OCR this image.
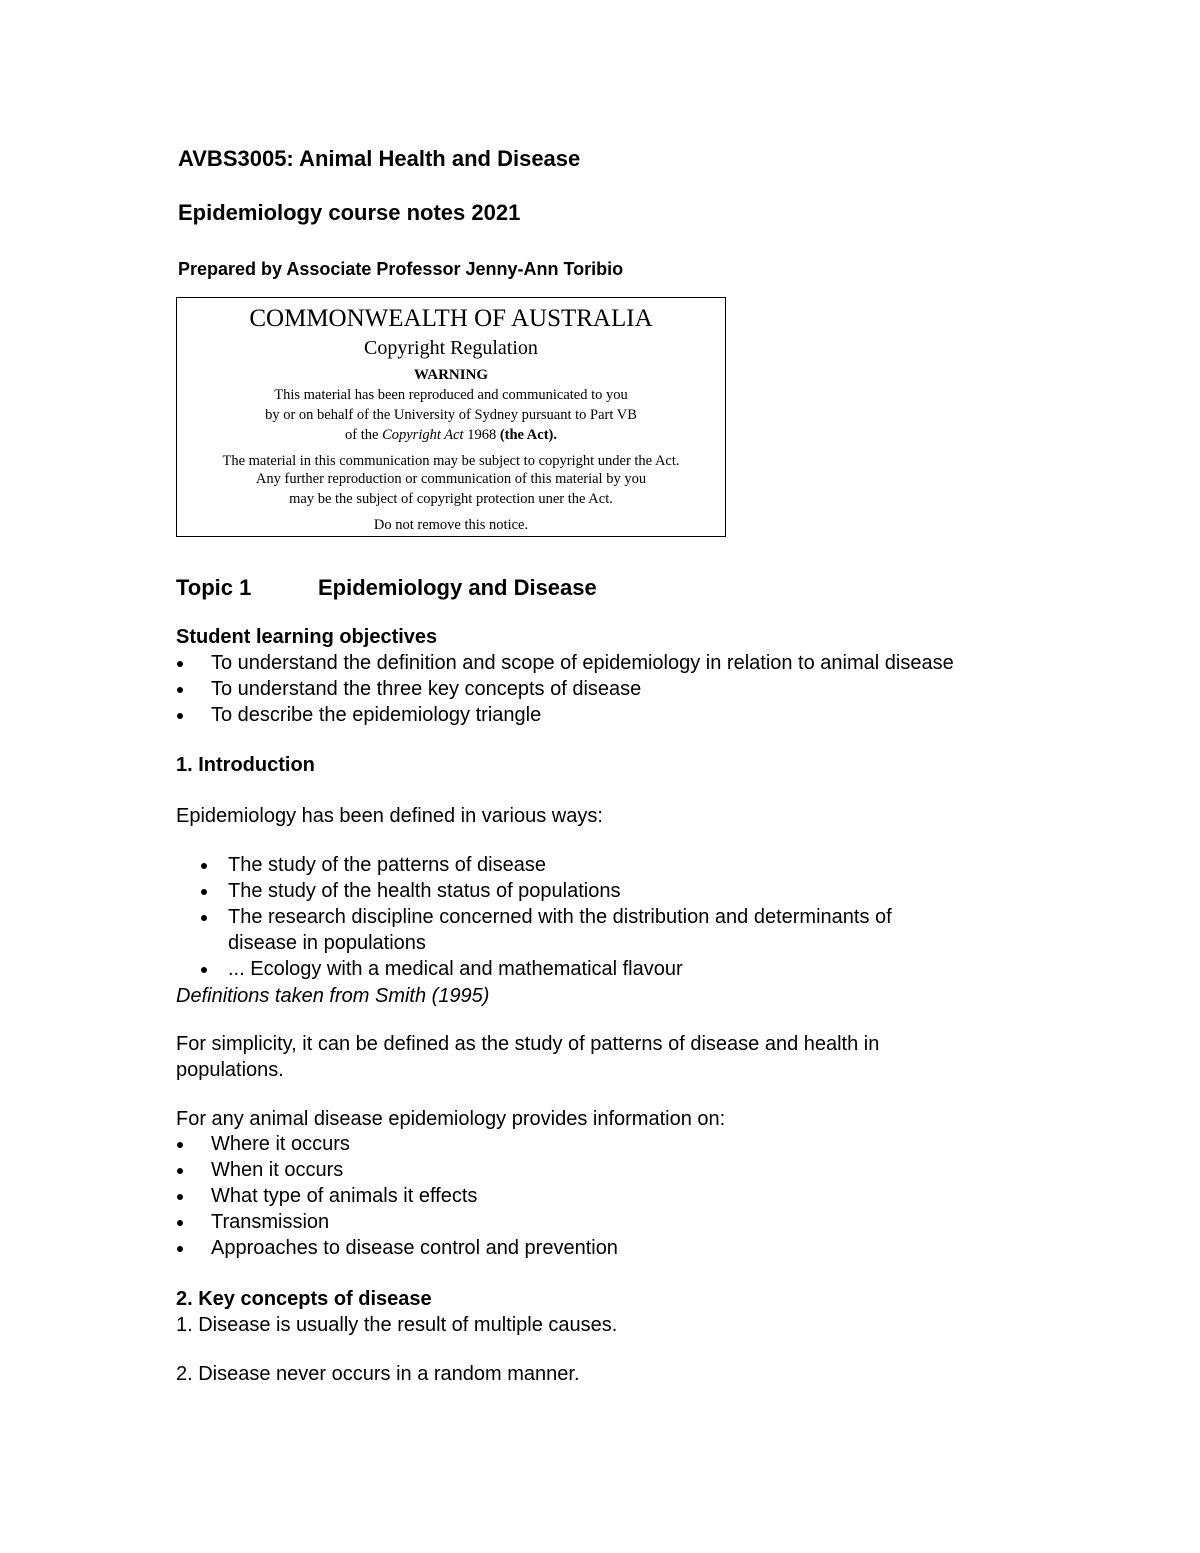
AVBS3005: Animal Health and Disease
Epidemiology course notes 2021
Prepared by Associate Professor Jenny-Ann Toribio
COMMONWEALTH OF AUSTRALIA
Copyright Regulation
WARNING
This material has been reproduced and communicated to you
by or on behalf of the University of Sydney pursuant to Part VB
of the Copyright Act 1968 (the Act).
The material in this communication may be subject to copyright under the Act.
Any further reproduction or communication of this material by you
may be the subject of copyright protection uner the Act.
Do not remove this notice.
Topic 1	Epidemiology and Disease
Student learning objectives
To understand the definition and scope of epidemiology in relation to animal disease
To understand the three key concepts of disease
To describe the epidemiology triangle
1. Introduction
Epidemiology has been defined in various ways:
The study of the patterns of disease
The study of the health status of populations
The research discipline concerned with the distribution and determinants of
disease in populations
... Ecology with a medical and mathematical flavour
Definitions taken from Smith (1995)
For simplicity, it can be defined as the study of patterns of disease and health in
populations.
For any animal disease epidemiology provides information on:
Where it occurs
When it occurs
What type of animals it effects
Transmission
Approaches to disease control and prevention
2. Key concepts of disease
1. Disease is usually the result of multiple causes.
2. Disease never occurs in a random manner.
